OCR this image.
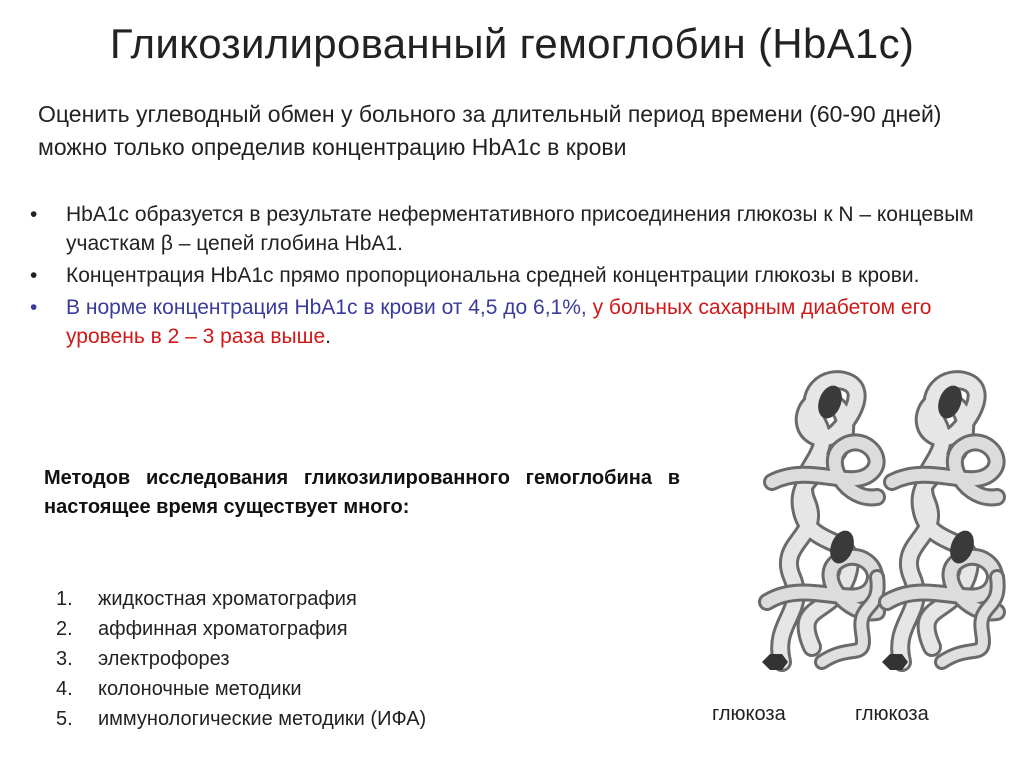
Гликозилированный гемоглобин (HbA1c)
Оценить углеводный обмен у больного за длительный период времени (60-90 дней) можно только определив концентрацию HbA1c в крови
• HbA1c образуется в результате неферментативного присоединения глюкозы к N – концевым участкам β – цепей глобина HbA1.
• Концентрация HbA1c прямо пропорциональна средней концентрации глюкозы в крови.
• В норме концентрация HbA1c в крови от 4,5 до 6,1%, у больных сахарным диабетом его уровень в 2 – 3 раза выше.
Методов исследования гликозилированного гемоглобина в настоящее время существует много:
1. жидкостная хроматография
2. аффинная хроматография
3. электрофорез
4. колоночные методики
5. иммунологические методики (ИФА)	глюкоза	глюкоза
